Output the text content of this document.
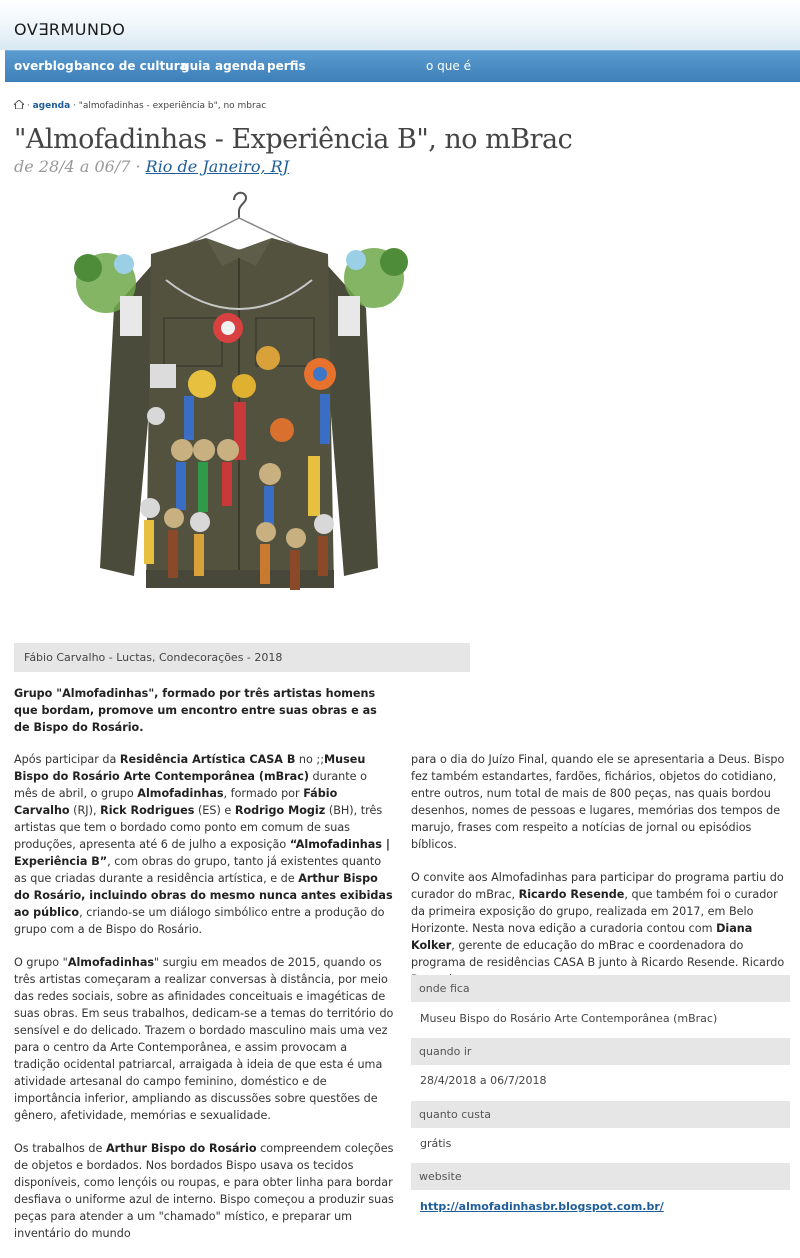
OV∃RMUNDO
overblog banco de cultura
guia agenda perfis	o que é
· agenda · "almofadinhas - experiência b", no mbrac
"Almofadinhas - Experiência B", no mBrac
de 28/4 a 06/7 · Rio de Janeiro, RJ
Fábio Carvalho - Luctas, Condecorações - 2018
Grupo "Almofadinhas", formado por três artistas homens que bordam, promove um encontro entre suas obras e as de Bispo do Rosário.

Após participar da Residência Artística CASA B no ;;Museu Bispo do Rosário Arte Contemporânea (mBrac) durante o mês de abril, o grupo Almofadinhas, formado por Fábio Carvalho (RJ), Rick Rodrigues (ES) e Rodrigo Mogiz (BH), três artistas que tem o bordado como ponto em comum de suas produções, apresenta até 6 de julho a exposição “Almofadinhas | Experiência B”, com obras do grupo, tanto já existentes quanto as que criadas durante a residência artística, e de Arthur Bispo do Rosário, incluindo obras do mesmo nunca antes exibidas ao público, criando-se um diálogo simbólico entre a produção do grupo com a de Bispo do Rosário.

O grupo "Almofadinhas" surgiu em meados de 2015, quando os três artistas começaram a realizar conversas à distância, por meio das redes sociais, sobre as afinidades conceituais e imagéticas de suas obras. Em seus trabalhos, dedicam-se a temas do território do sensível e do delicado. Trazem o bordado masculino mais uma vez para o centro da Arte Contemporânea, e assim provocam a tradição ocidental patriarcal, arraigada à ideia de que esta é uma atividade artesanal do campo feminino, doméstico e de importância inferior, ampliando as discussões sobre questões de gênero, afetividade, memórias e sexualidade.

Os trabalhos de Arthur Bispo do Rosário compreendem coleções de objetos e bordados. Nos bordados Bispo usava os tecidos disponíveis, como lençóis ou roupas, e para obter linha para bordar desfiava o uniforme azul de interno. Bispo começou a produzir suas peças para atender a um "chamado" místico, e preparar um inventário do mundo

para o dia do Juízo Final, quando ele se apresentaria a Deus. Bispo fez também estandartes, fardões, fichários, objetos do cotidiano, entre outros, num total de mais de 800 peças, nas quais bordou desenhos, nomes de pessoas e lugares, memórias dos tempos de marujo, frases com respeito a notícias de jornal ou episódios bíblicos.

O convite aos Almofadinhas para participar do programa partiu do curador do mBrac, Ricardo Resende, que também foi o curador da primeira exposição do grupo, realizada em 2017, em Belo Horizonte. Nesta nova edição a curadoria contou com Diana Kolker, gerente de educação do mBrac e coordenadora do programa de residências CASA B junto à Ricardo Resende. Ricardo

onde fica
Museu Bispo do Rosário Arte Contemporânea (mBrac)
quando ir
28/4/2018 a 06/7/2018
quanto custa
grátis
website
http://almofadinhasbr.blogspot.com.br/
